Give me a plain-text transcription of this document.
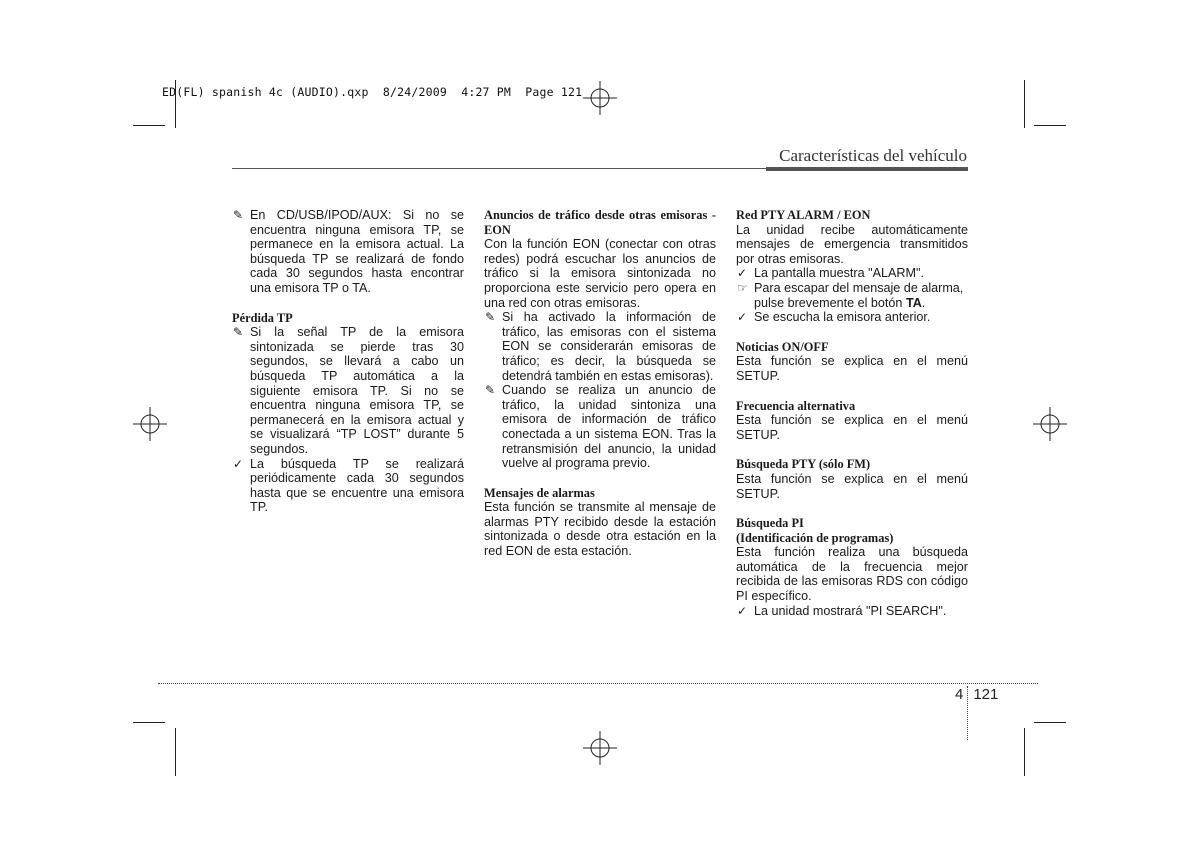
ED(FL) spanish 4c (AUDIO).qxp  8/24/2009  4:27 PM  Page 121
Características del vehículo
✎ En CD/USB/IPOD/AUX: Si no se encuentra ninguna emisora TP, se permanece en la emisora actual. La búsqueda TP se realizará de fondo cada 30 segundos hasta encontrar una emisora TP o TA.

Pérdida TP

✎ Si la señal TP de la emisora sintonizada se pierde tras 30 segundos, se llevará a cabo un búsqueda TP automática a la siguiente emisora TP. Si no se encuentra ninguna emisora TP, se permanecerá en la emisora actual y se visualizará “TP LOST” durante 5 segundos.
✓ La búsqueda TP se realizará periódicamente cada 30 segundos hasta que se encuentre una emisora TP.

Anuncios de tráfico desde otras emisoras - EON

Con la función EON (conectar con otras redes) podrá escuchar los anuncios de tráfico si la emisora sintonizada no proporciona este servicio pero opera en una red con otras emisoras.

✎ Si ha activado la información de tráfico, las emisoras con el sistema EON se considerarán emisoras de tráfico; es decir, la búsqueda se detendrá también en estas emisoras).
✎ Cuando se realiza un anuncio de tráfico, la unidad sintoniza una emisora de información de tráfico conectada a un sistema EON. Tras la retransmisión del anuncio, la unidad vuelve al programa previo.

Mensajes de alarmas

Esta función se transmite al mensaje de alarmas PTY recibido desde la estación sintonizada o desde otra estación en la red EON de esta estación.

Red PTY ALARM / EON

La unidad recibe automáticamente mensajes de emergencia transmitidos por otras emisoras.

✓ La pantalla muestra "ALARM".
☞ Para escapar del mensaje de alarma, pulse brevemente el botón TA.
✓ Se escucha la emisora anterior.

Noticias ON/OFF

Esta función se explica en el menú SETUP.

Frecuencia alternativa

Esta función se explica en el menú SETUP.

Búsqueda PTY (sólo FM)

Esta función se explica en el menú SETUP.

Búsqueda PI

(Identificación de programas)

Esta función realiza una búsqueda automática de la frecuencia mejor recibida de las emisoras RDS con código PI específico.

✓ La unidad mostrará "PI SEARCH".
4 121
